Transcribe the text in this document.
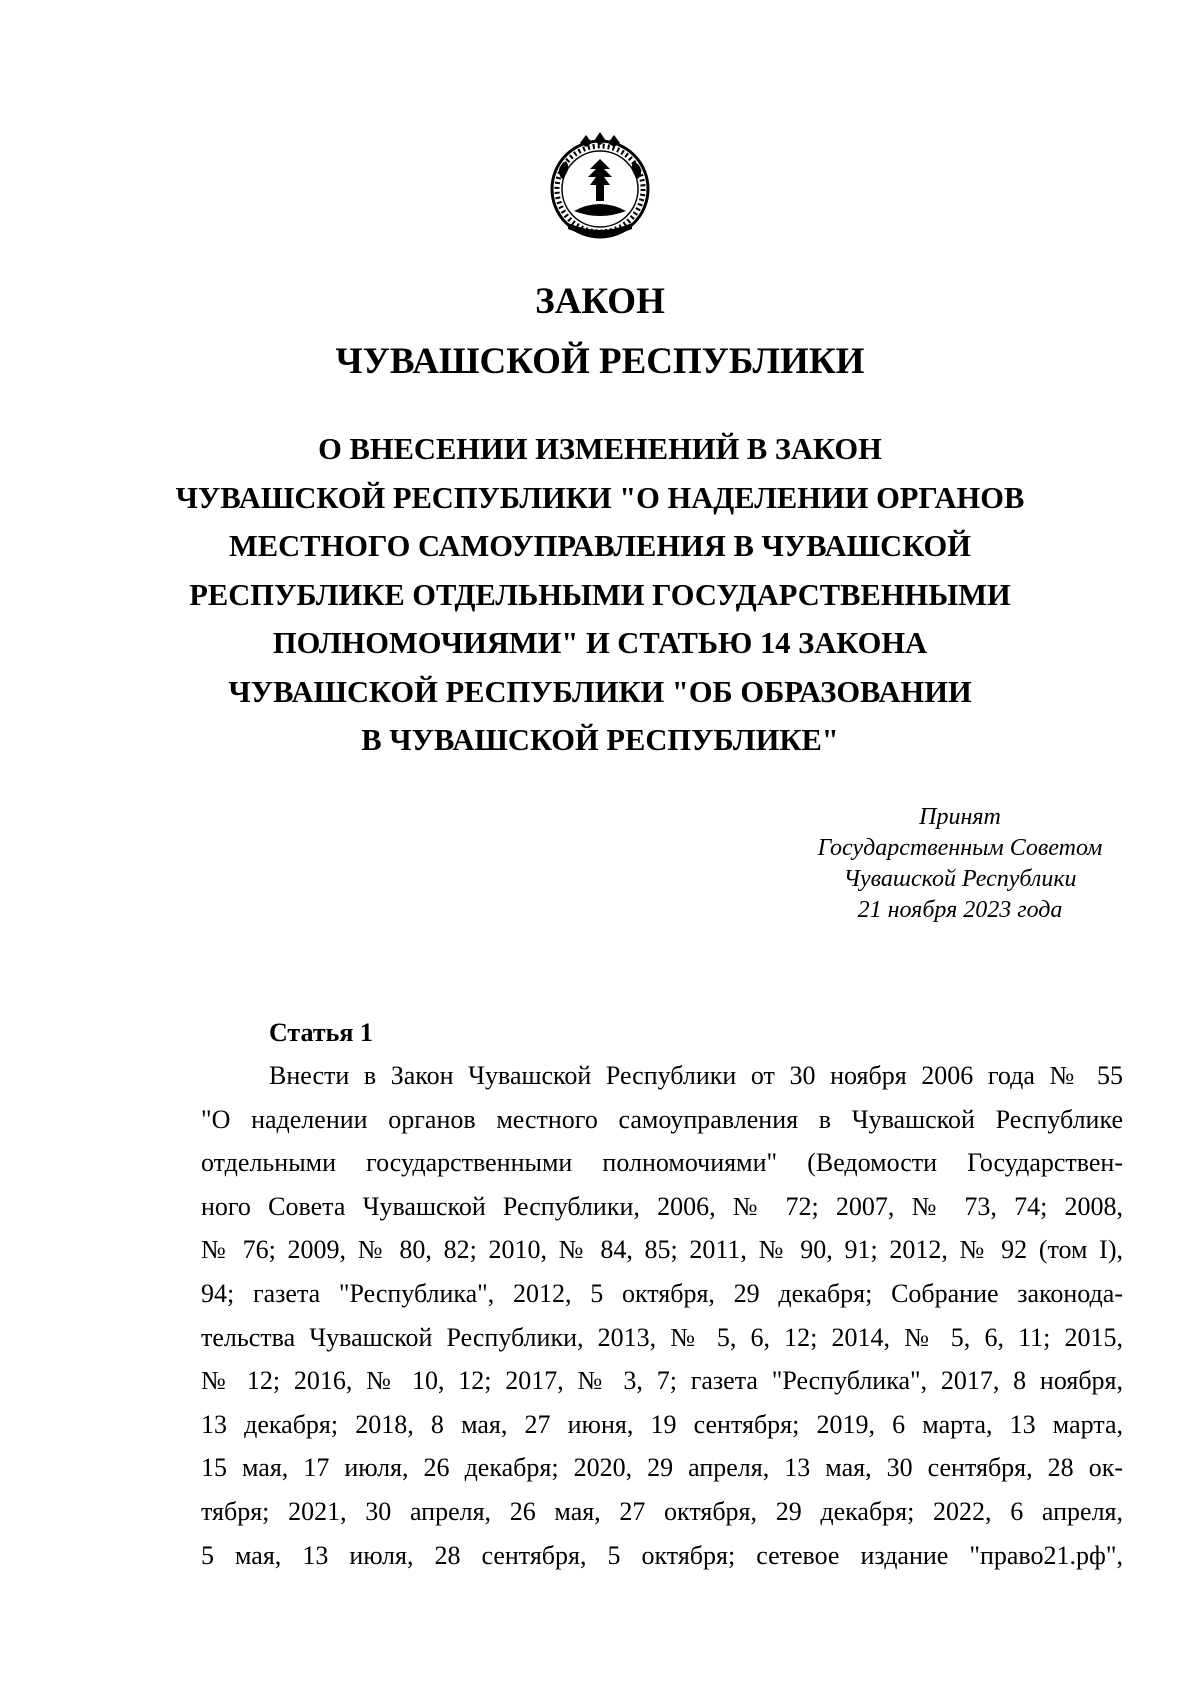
ЗАКОН
ЧУВАШСКОЙ РЕСПУБЛИКИ
О ВНЕСЕНИИ ИЗМЕНЕНИЙ В ЗАКОН
ЧУВАШСКОЙ РЕСПУБЛИКИ "О НАДЕЛЕНИИ ОРГАНОВ
МЕСТНОГО САМОУПРАВЛЕНИЯ В ЧУВАШСКОЙ
РЕСПУБЛИКЕ ОТДЕЛЬНЫМИ ГОСУДАРСТВЕННЫМИ
ПОЛНОМОЧИЯМИ" И СТАТЬЮ 14 ЗАКОНА
ЧУВАШСКОЙ РЕСПУБЛИКИ "ОБ ОБРАЗОВАНИИ
В ЧУВАШСКОЙ РЕСПУБЛИКЕ"
Принят
Государственным Советом
Чувашской Республики
21 ноября 2023 года
Статья 1
Внести в Закон Чувашской Республики от 30 ноября 2006 года № 55
"О наделении органов местного самоуправления в Чувашской Республике
отдельными государственными полномочиями" (Ведомости Государствен-
ного Совета Чувашской Республики, 2006, № 72; 2007, № 73, 74; 2008,
№ 76; 2009, № 80, 82; 2010, № 84, 85; 2011, № 90, 91; 2012, № 92 (том I),
94; газета "Республика", 2012, 5 октября, 29 декабря; Собрание законода-
тельства Чувашской Республики, 2013, № 5, 6, 12; 2014, № 5, 6, 11; 2015,
№ 12; 2016, № 10, 12; 2017, № 3, 7; газета "Республика", 2017, 8 ноября,
13 декабря; 2018, 8 мая, 27 июня, 19 сентября; 2019, 6 марта, 13 марта,
15 мая, 17 июля, 26 декабря; 2020, 29 апреля, 13 мая, 30 сентября, 28 ок-
тября; 2021, 30 апреля, 26 мая, 27 октября, 29 декабря; 2022, 6 апреля,
5 мая, 13 июля, 28 сентября, 5 октября; сетевое издание "право21.рф",
